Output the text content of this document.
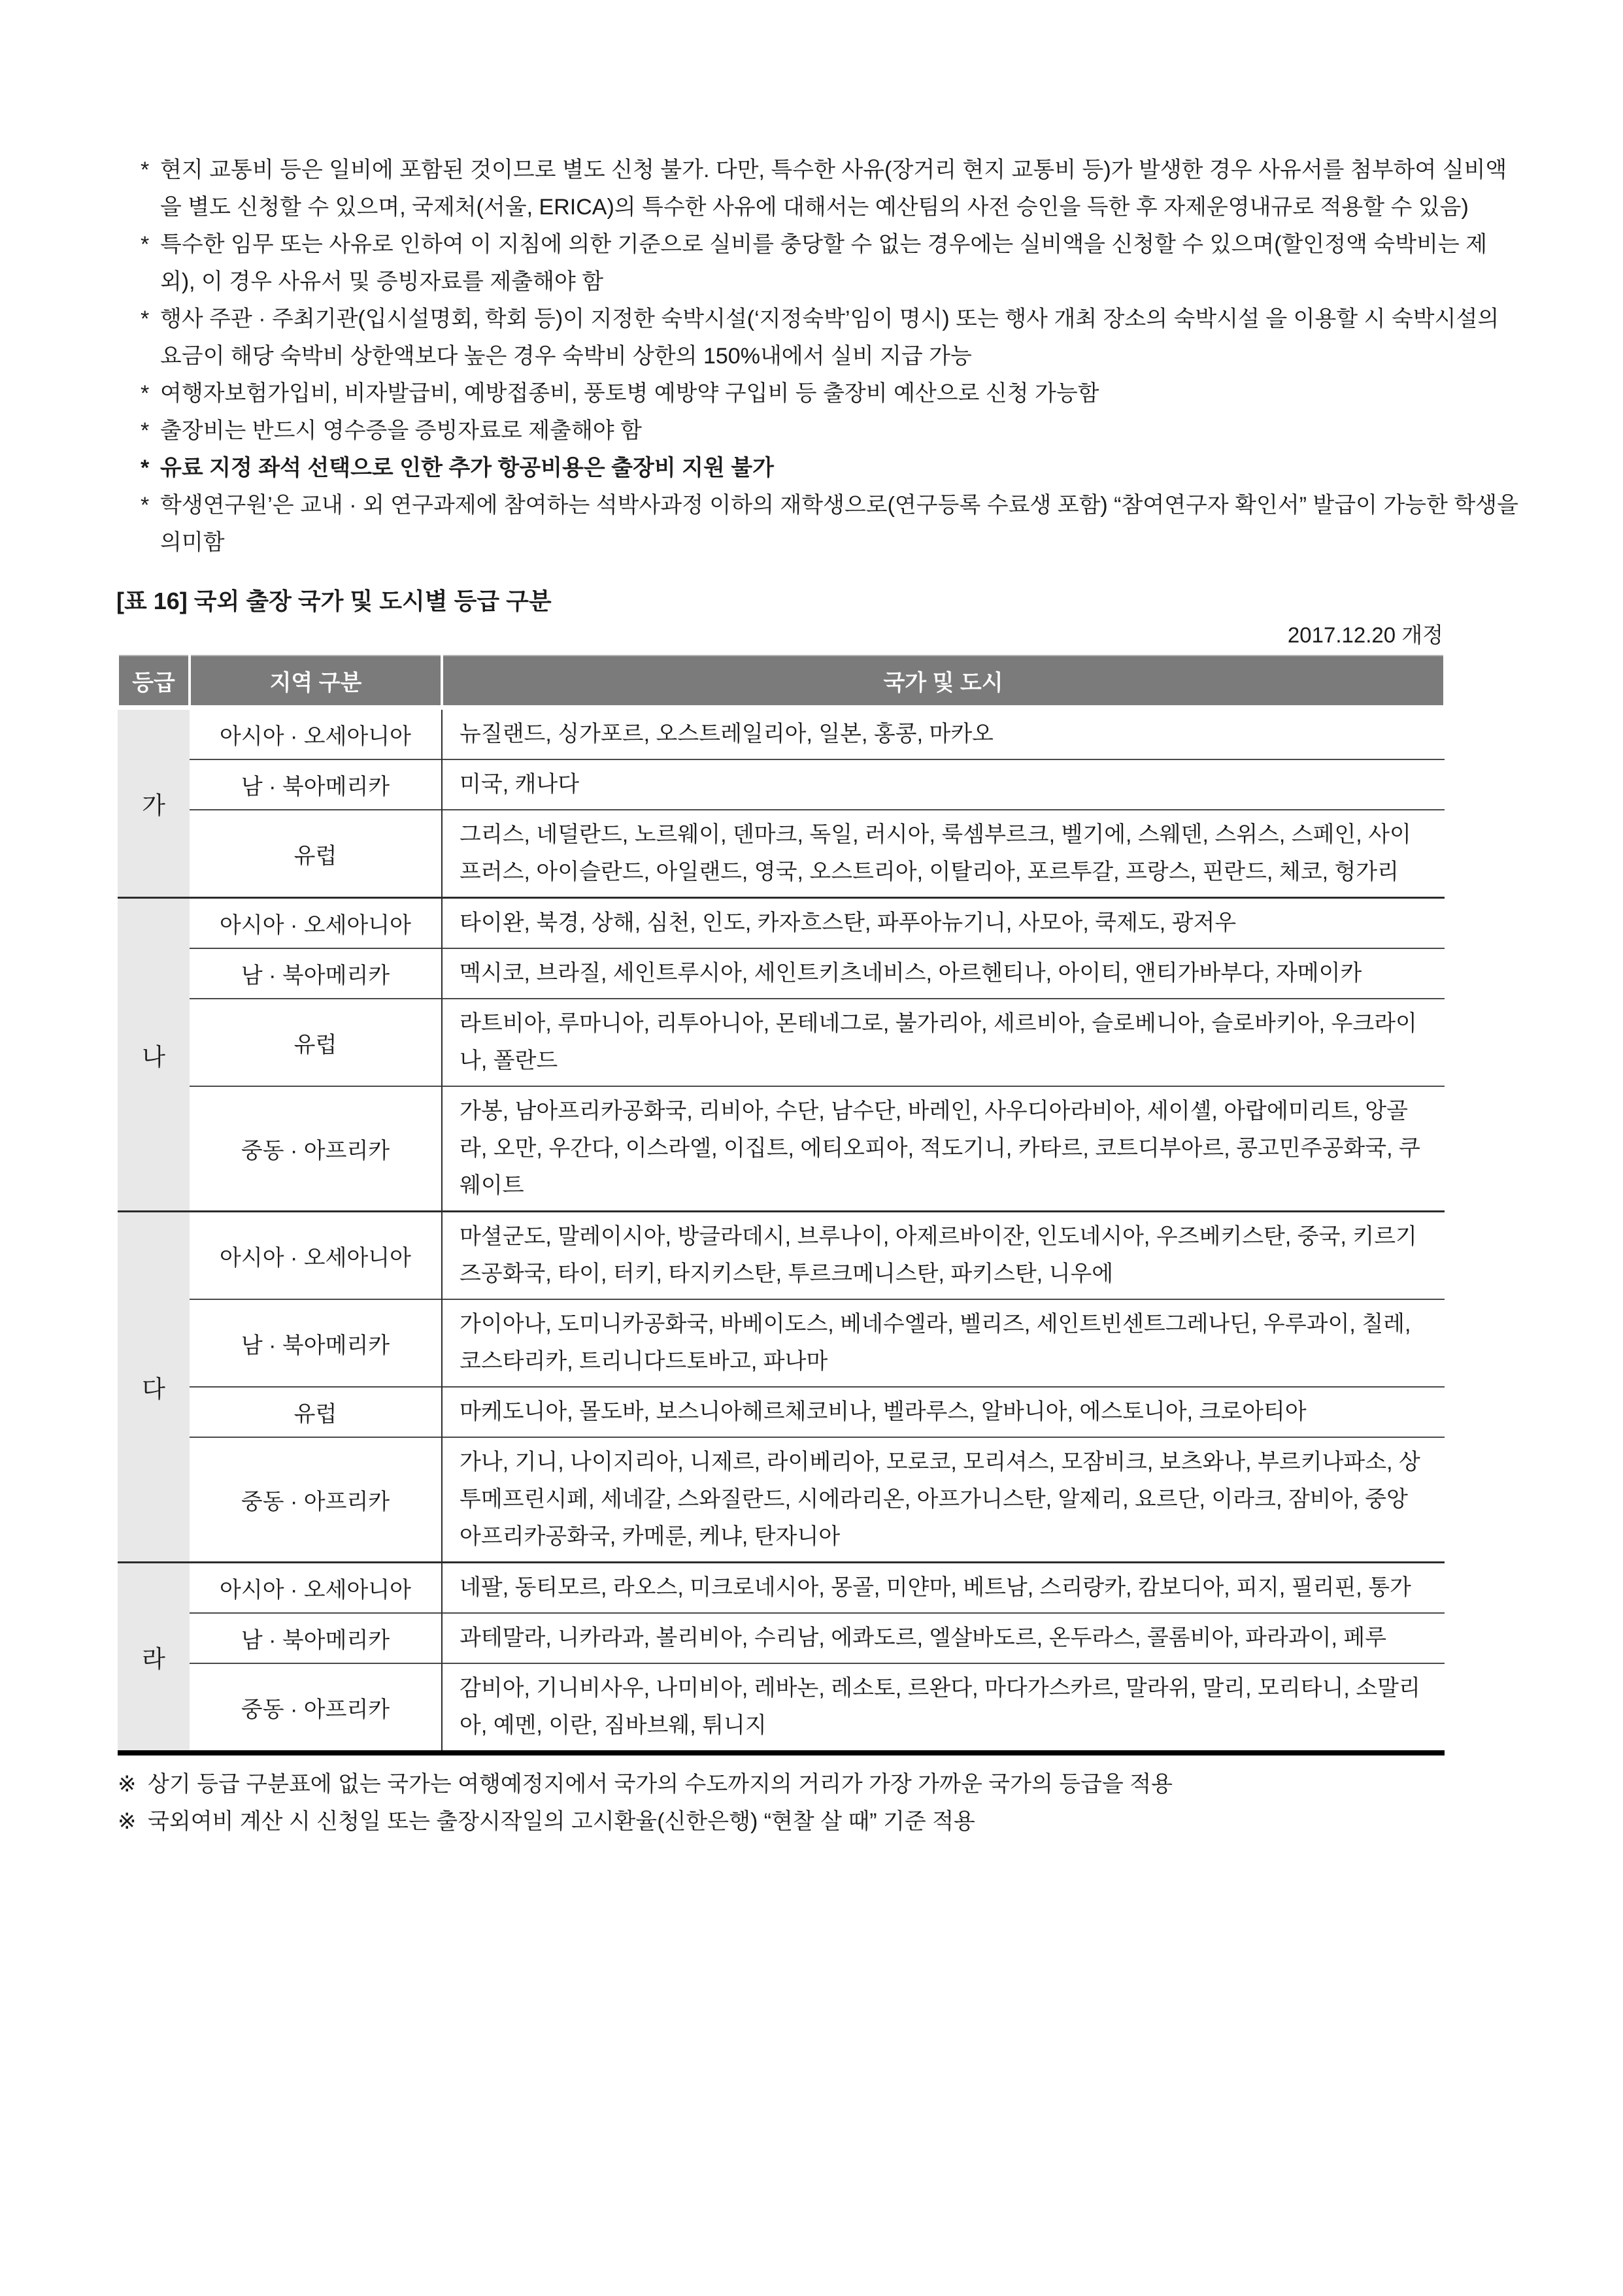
* 현지 교통비 등은 일비에 포함된 것이므로 별도 신청 불가. 다만, 특수한 사유(장거리 현지 교통비 등)가 발생한 경우 사유서를 첨부하여 실비액을 별도 신청할 수 있으며, 국제처(서울, ERICA)의 특수한 사유에 대해서는 예산팀의 사전 승인을 득한 후 자제운영내규로 적용할 수 있음)
* 특수한 임무 또는 사유로 인하여 이 지침에 의한 기준으로 실비를 충당할 수 없는 경우에는 실비액을 신청할 수 있으며(할인정액 숙박비는 제외), 이 경우 사유서 및 증빙자료를 제출해야 함
* 행사 주관 · 주최기관(입시설명회, 학회 등)이 지정한 숙박시설(‘지정숙박’임이 명시) 또는 행사 개최 장소의 숙박시설 을 이용할 시 숙박시설의 요금이 해당 숙박비 상한액보다 높은 경우 숙박비 상한의 150%내에서 실비 지급 가능
* 여행자보험가입비, 비자발급비, 예방접종비, 풍토병 예방약 구입비 등 출장비 예산으로 신청 가능함
* 출장비는 반드시 영수증을 증빙자료로 제출해야 함
* 유료 지정 좌석 선택으로 인한 추가 항공비용은 출장비 지원 불가
* 학생연구원’은 교내 · 외 연구과제에 참여하는 석박사과정 이하의 재학생으로(연구등록 수료생 포함) “참여연구자 확인서” 발급이 가능한 학생을 의미함
[표 16] 국외 출장 국가 및 도시별 등급 구분
2017.12.20 개정
등급	지역 구분	국가 및 도시
가	아시아 · 오세아니아	뉴질랜드, 싱가포르, 오스트레일리아, 일본, 홍콩, 마카오
	남 · 북아메리카	미국, 캐나다
	유럽	그리스, 네덜란드, 노르웨이, 덴마크, 독일, 러시아, 룩셈부르크, 벨기에, 스웨덴, 스위스, 스페인, 사이프러스, 아이슬란드, 아일랜드, 영국, 오스트리아, 이탈리아, 포르투갈, 프랑스, 핀란드, 체코, 헝가리
나	아시아 · 오세아니아	타이완, 북경, 상해, 심천, 인도, 카자흐스탄, 파푸아뉴기니, 사모아, 쿡제도, 광저우
	남 · 북아메리카	멕시코, 브라질, 세인트루시아, 세인트키츠네비스, 아르헨티나, 아이티, 앤티가바부다, 자메이카
	유럽	라트비아, 루마니아, 리투아니아, 몬테네그로, 불가리아, 세르비아, 슬로베니아, 슬로바키아, 우크라이나, 폴란드
	중동 · 아프리카	가봉, 남아프리카공화국, 리비아, 수단, 남수단, 바레인, 사우디아라비아, 세이셸, 아랍에미리트, 앙골라, 오만, 우간다, 이스라엘, 이집트, 에티오피아, 적도기니, 카타르, 코트디부아르, 콩고민주공화국, 쿠웨이트
다	아시아 · 오세아니아	마셜군도, 말레이시아, 방글라데시, 브루나이, 아제르바이잔, 인도네시아, 우즈베키스탄, 중국, 키르기즈공화국, 타이, 터키, 타지키스탄, 투르크메니스탄, 파키스탄, 니우에
	남 · 북아메리카	가이아나, 도미니카공화국, 바베이도스, 베네수엘라, 벨리즈, 세인트빈센트그레나딘, 우루과이, 칠레, 코스타리카, 트리니다드토바고, 파나마
	유럽	마케도니아, 몰도바, 보스니아헤르체코비나, 벨라루스, 알바니아, 에스토니아, 크로아티아
	중동 · 아프리카	가나, 기니, 나이지리아, 니제르, 라이베리아, 모로코, 모리셔스, 모잠비크, 보츠와나, 부르키나파소, 상투메프린시페, 세네갈, 스와질란드, 시에라리온, 아프가니스탄, 알제리, 요르단, 이라크, 잠비아, 중앙아프리카공화국, 카메룬, 케냐, 탄자니아
라	아시아 · 오세아니아	네팔, 동티모르, 라오스, 미크로네시아, 몽골, 미얀마, 베트남, 스리랑카, 캄보디아, 피지, 필리핀, 통가
	남 · 북아메리카	과테말라, 니카라과, 볼리비아, 수리남, 에콰도르, 엘살바도르, 온두라스, 콜롬비아, 파라과이, 페루
	중동 · 아프리카	감비아, 기니비사우, 나미비아, 레바논, 레소토, 르완다, 마다가스카르, 말라위, 말리, 모리타니, 소말리아, 예멘, 이란, 짐바브웨, 튀니지
※ 상기 등급 구분표에 없는 국가는 여행예정지에서 국가의 수도까지의 거리가 가장 가까운 국가의 등급을 적용
※ 국외여비 계산 시 신청일 또는 출장시작일의 고시환율(신한은행) “현찰 살 때” 기준 적용
